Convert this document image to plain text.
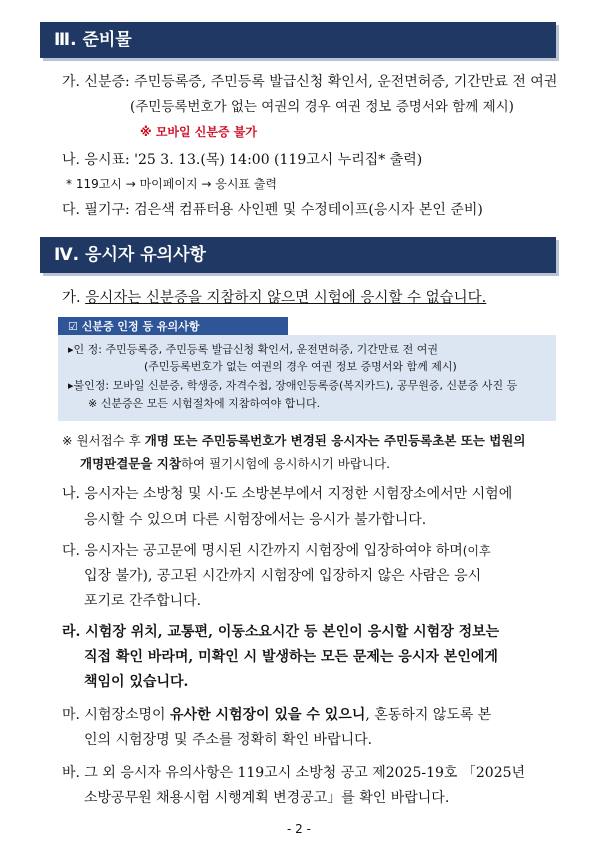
Ⅲ. 준비물
가. 신분증: 주민등록증, 주민등록 발급신청 확인서, 운전면허증, 기간만료 전 여권
(주민등록번호가 없는 여권의 경우 여권 정보 증명서와 함께 제시)
※ 모바일 신분증 불가
나. 응시표: '25 3. 13.(목) 14:00 (119고시 누리집* 출력)
* 119고시 → 마이페이지 → 응시표 출력
다. 필기구: 검은색 컴퓨터용 사인펜 및 수정테이프(응시자 본인 준비)
Ⅳ. 응시자 유의사항
가. 응시자는 신분증을 지참하지 않으면 시험에 응시할 수 없습니다.
☑ 신분증 인정 등 유의사항
▸인 정: 주민등록증, 주민등록 발급신청 확인서, 운전면허증, 기간만료 전 여권
(주민등록번호가 없는 여권의 경우 여권 정보 증명서와 함께 제시)
▸불인정: 모바일 신분증, 학생증, 자격수첩, 장애인등록증(복지카드), 공무원증, 신분증 사진 등
※ 신분증은 모든 시험절차에 지참하여야 합니다.
※ 원서접수 후 개명 또는 주민등록번호가 변경된 응시자는 주민등록초본 또는 법원의
개명판결문을 지참하여 필기시험에 응시하시기 바랍니다.
나. 응시자는 소방청 및 시·도 소방본부에서 지정한 시험장소에서만 시험에
응시할 수 있으며 다른 시험장에서는 응시가 불가합니다.
다. 응시자는 공고문에 명시된 시간까지 시험장에 입장하여야 하며(이후
입장 불가), 공고된 시간까지 시험장에 입장하지 않은 사람은 응시
포기로 간주합니다.
라. 시험장 위치, 교통편, 이동소요시간 등 본인이 응시할 시험장 정보는
직접 확인 바라며, 미확인 시 발생하는 모든 문제는 응시자 본인에게
책임이 있습니다.
마. 시험장소명이 유사한 시험장이 있을 수 있으니, 혼동하지 않도록 본
인의 시험장명 및 주소를 정확히 확인 바랍니다.
바. 그 외 응시자 유의사항은 119고시 소방청 공고 제2025-19호 「2025년
소방공무원 채용시험 시행계획 변경공고」를 확인 바랍니다.
- 2 -
